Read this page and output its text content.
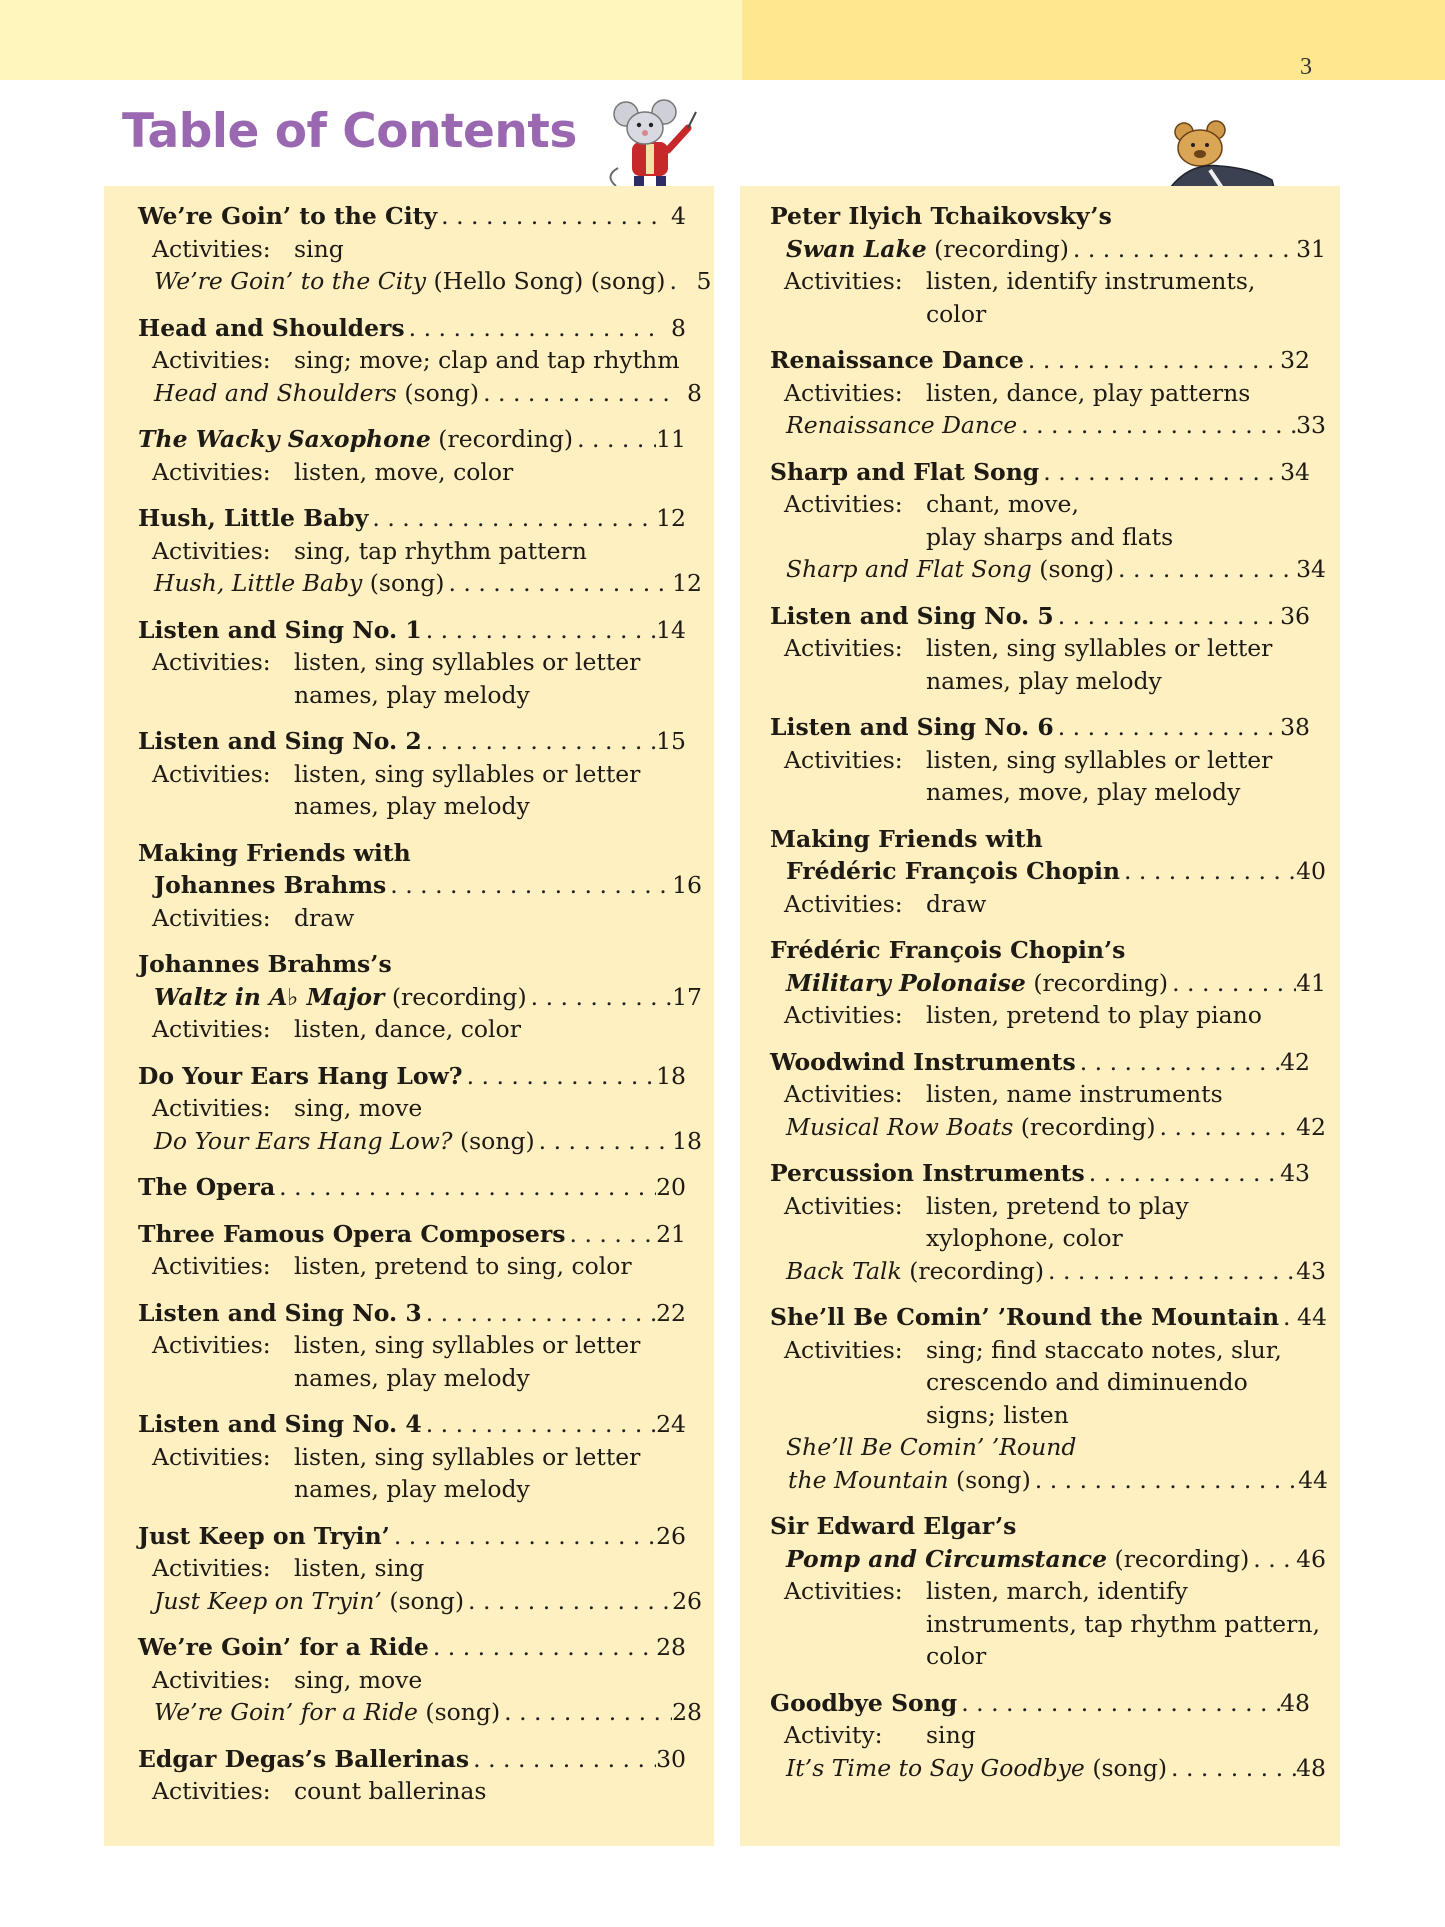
3
Table of Contents
We’re Goin’ to the City . . .	4
Activities: sing
We’re Goin’ to the City (Hello Song) (song) . . .	5
Head and Shoulders . . .	8
Activities: sing; move; clap and tap rhythm
Head and Shoulders (song) . . .	8
The Wacky Saxophone (recording) . . .	11
Activities: listen, move, color
Hush, Little Baby . . .	12
Activities: sing, tap rhythm pattern
Hush, Little Baby (song) . . .	12
Listen and Sing No. 1 . . .	14
Activities: listen, sing syllables or letter
names, play melody
Listen and Sing No. 2 . . .	15
Activities: listen, sing syllables or letter
names, play melody
Making Friends with
Johannes Brahms . . .	16
Activities: draw
Johannes Brahms’s
Waltz in A♭ Major (recording) . . .	17
Activities: listen, dance, color
Do Your Ears Hang Low? . . .	18
Activities: sing, move
Do Your Ears Hang Low? (song) . . .	18
The Opera . . .	20
Three Famous Opera Composers . . .	21
Activities: listen, pretend to sing, color
Listen and Sing No. 3 . . .	22
Activities: listen, sing syllables or letter
names, play melody
Listen and Sing No. 4 . . .	24
Activities: listen, sing syllables or letter
names, play melody
Just Keep on Tryin’ . . .	26
Activities: listen, sing
Just Keep on Tryin’ (song) . . .	26
We’re Goin’ for a Ride . . .	28
Activities: sing, move
We’re Goin’ for a Ride (song) . . .	28
Edgar Degas’s Ballerinas . . .	30
Activities: count ballerinas
Peter Ilyich Tchaikovsky’s
Swan Lake (recording) . . .	31
Activities: listen, identify instruments,
color
Renaissance Dance . . .	32
Activities: listen, dance, play patterns
Renaissance Dance . . .	33
Sharp and Flat Song . . .	34
Activities: chant, move,
play sharps and flats
Sharp and Flat Song (song) . . .	34
Listen and Sing No. 5 . . .	36
Activities: listen, sing syllables or letter
names, play melody
Listen and Sing No. 6 . . .	38
Activities: listen, sing syllables or letter
names, move, play melody
Making Friends with
Frédéric François Chopin . . .	40
Activities: draw
Frédéric François Chopin’s
Military Polonaise (recording) . . .	41
Activities: listen, pretend to play piano
Woodwind Instruments . . .	42
Activities: listen, name instruments
Musical Row Boats (recording) . . .	42
Percussion Instruments . . .	43
Activities: listen, pretend to play
xylophone, color
Back Talk (recording) . . .	43
She’ll Be Comin’ ’Round the Mountain . . . 44
Activities: sing; find staccato notes, slur,
crescendo and diminuendo
signs; listen
She’ll Be Comin’ ’Round
the Mountain (song) . . .	44
Sir Edward Elgar’s
Pomp and Circumstance (recording) . . . 46
Activities: listen, march, identify
instruments, tap rhythm pattern,
color
Goodbye Song . . .	48
Activity:	sing
It’s Time to Say Goodbye (song) . . .	48
